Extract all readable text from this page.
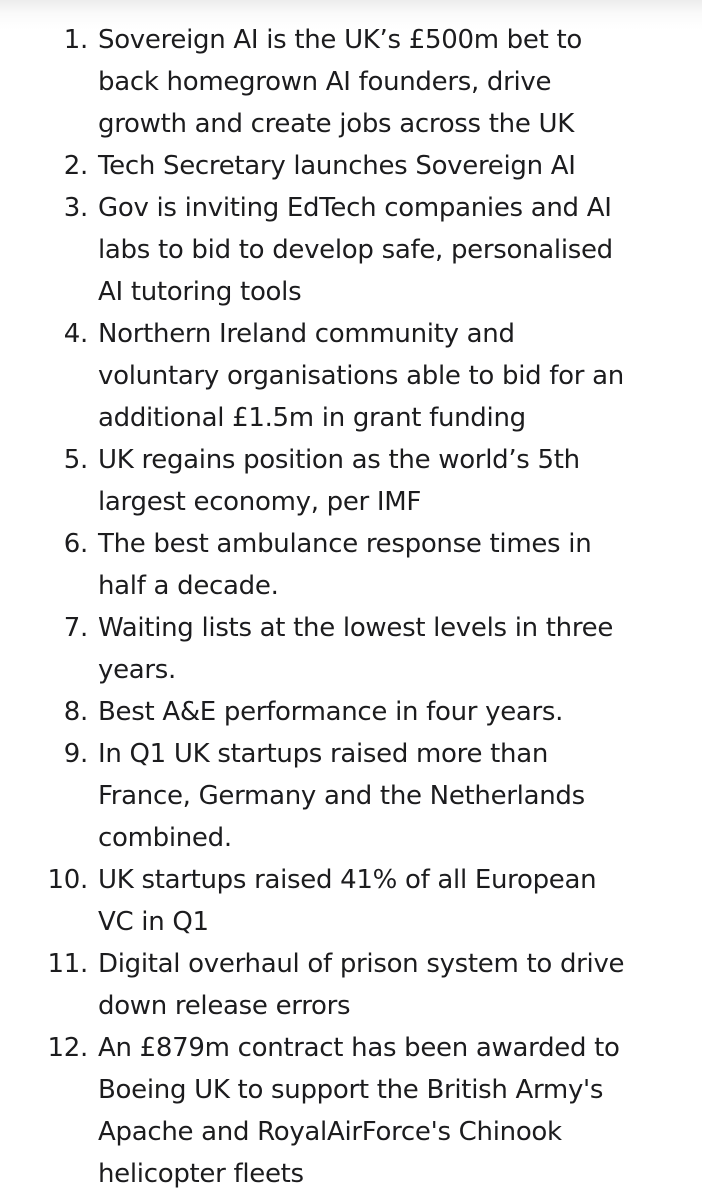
1. Sovereign AI is the UK’s £500m bet to back homegrown AI founders, drive growth and create jobs across the UK
2. Tech Secretary launches Sovereign AI
3. Gov is inviting EdTech companies and AI labs to bid to develop safe, personalised AI tutoring tools
4. Northern Ireland community and voluntary organisations able to bid for an additional £1.5m in grant funding
5. UK regains position as the world’s 5th largest economy, per IMF
6. The best ambulance response times in half a decade.
7. Waiting lists at the lowest levels in three years.
8. Best A&E performance in four years.
9. In Q1 UK startups raised more than France, Germany and the Netherlands combined.
10. UK startups raised 41% of all European VC in Q1
11. Digital overhaul of prison system to drive down release errors
12. An £879m contract has been awarded to Boeing UK to support the British Army's Apache and RoyalAirForce's Chinook helicopter fleets
